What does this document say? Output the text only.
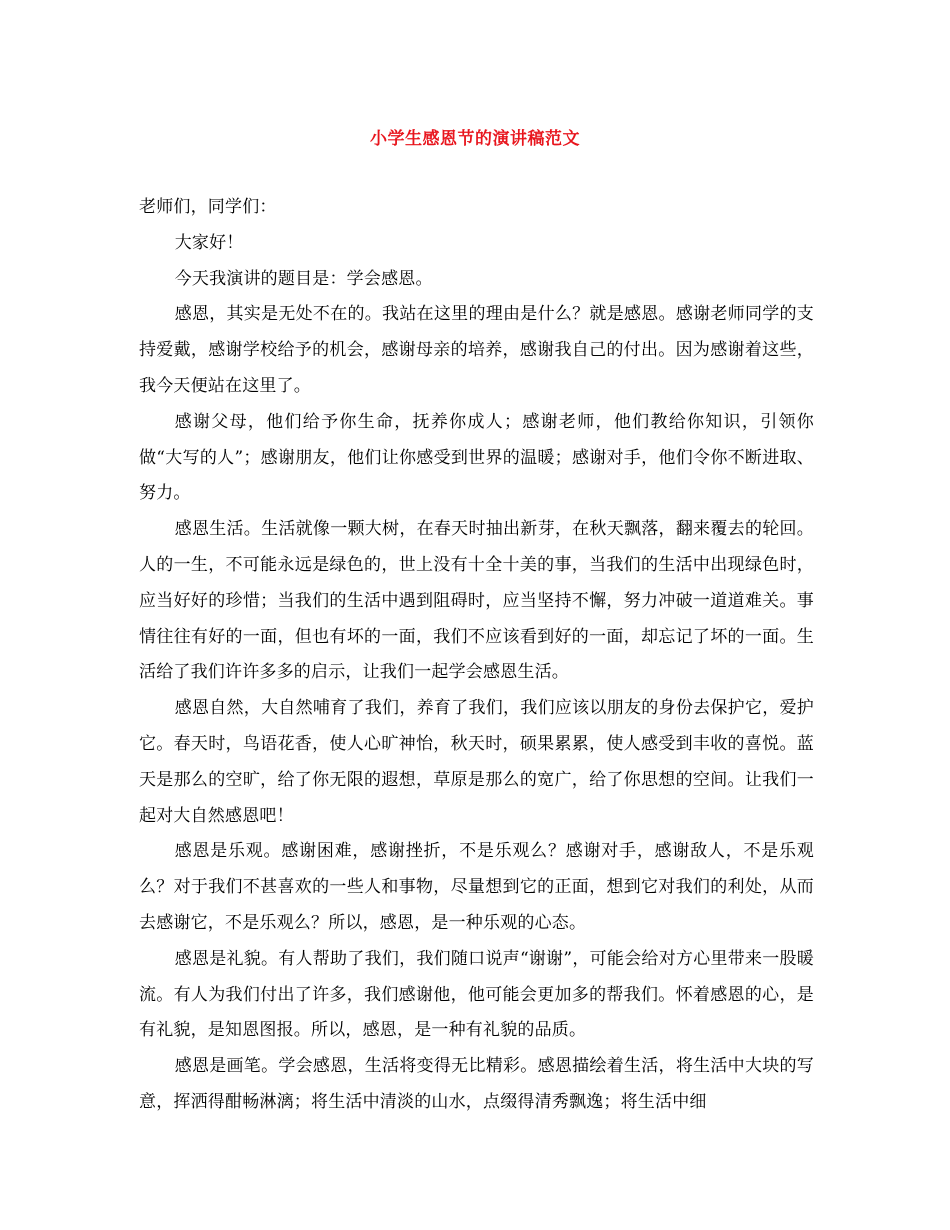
小学生感恩节的演讲稿范文

老师们，同学们：

大家好！

今天我演讲的题目是：学会感恩。

感恩，其实是无处不在的。我站在这里的理由是什么？就是感恩。感谢老师同学的支持爱戴，感谢学校给予的机会，感谢母亲的培养，感谢我自己的付出。因为感谢着这些，我今天便站在这里了。

感谢父母，他们给予你生命，抚养你成人；感谢老师，他们教给你知识，引领你做“大写的人”；感谢朋友，他们让你感受到世界的温暖；感谢对手，他们令你不断进取、努力。

感恩生活。生活就像一颗大树，在春天时抽出新芽，在秋天飘落，翻来覆去的轮回。人的一生，不可能永远是绿色的，世上没有十全十美的事，当我们的生活中出现绿色时，应当好好的珍惜；当我们的生活中遇到阻碍时，应当坚持不懈，努力冲破一道道难关。事情往往有好的一面，但也有坏的一面，我们不应该看到好的一面，却忘记了坏的一面。生活给了我们许许多多的启示，让我们一起学会感恩生活。

感恩自然，大自然哺育了我们，养育了我们，我们应该以朋友的身份去保护它，爱护它。春天时，鸟语花香，使人心旷神怡，秋天时，硕果累累，使人感受到丰收的喜悦。蓝天是那么的空旷，给了你无限的遐想，草原是那么的宽广，给了你思想的空间。让我们一起对大自然感恩吧！

感恩是乐观。感谢困难，感谢挫折，不是乐观么？感谢对手，感谢敌人，不是乐观么？对于我们不甚喜欢的一些人和事物，尽量想到它的正面，想到它对我们的利处，从而去感谢它，不是乐观么？所以，感恩，是一种乐观的心态。

感恩是礼貌。有人帮助了我们，我们随口说声“谢谢”，可能会给对方心里带来一股暖流。有人为我们付出了许多，我们感谢他，他可能会更加多的帮我们。怀着感恩的心，是有礼貌，是知恩图报。所以，感恩，是一种有礼貌的品质。

感恩是画笔。学会感恩，生活将变得无比精彩。感恩描绘着生活，将生活中大块的写意，挥洒得酣畅淋漓；将生活中清淡的山水，点缀得清秀飘逸；将生活中细
